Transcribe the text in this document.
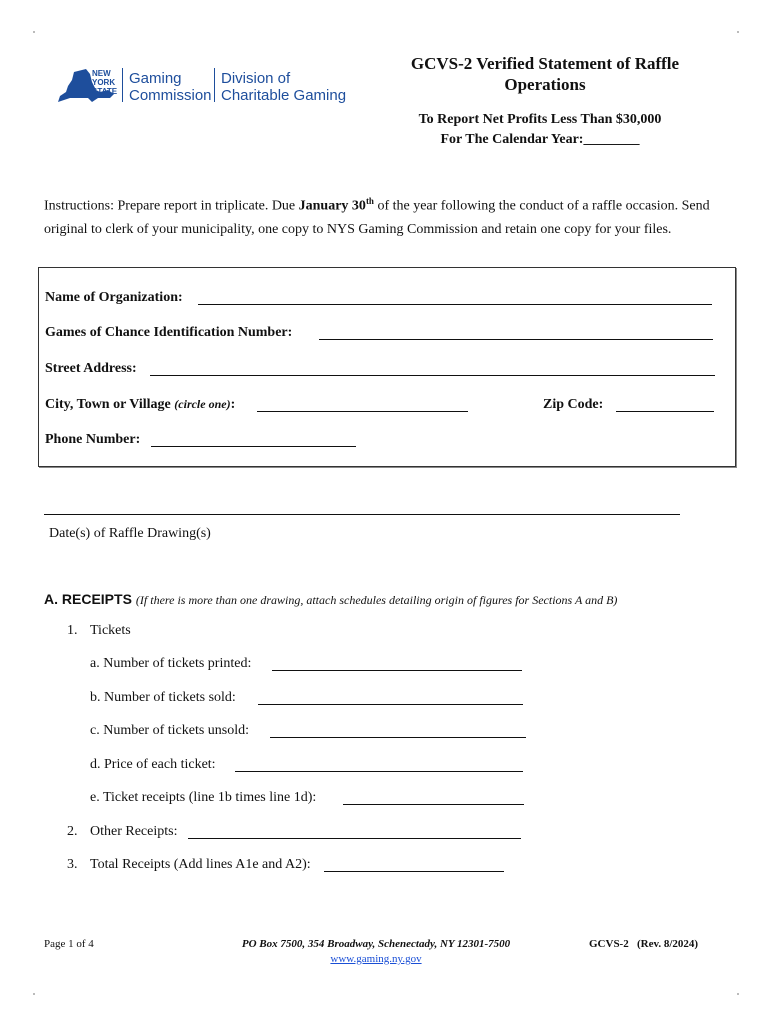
NEW
YORK
STATE
Gaming
Commission
Division of
Charitable Gaming
GCVS-2 Verified Statement of Raffle
Operations
To Report Net Profits Less Than $30,000
For The Calendar Year:________
Instructions: Prepare report in triplicate. Due January 30th of the year following the conduct of a raffle occasion. Send original to clerk of your municipality, one copy to NYS Gaming Commission and retain one copy for your files.
Name of Organization:
Games of Chance Identification Number:
Street Address:
City, Town or Village (circle one):	Zip Code:
Phone Number:
Date(s) of Raffle Drawing(s)
A. RECEIPTS (If there is more than one drawing, attach schedules detailing origin of figures for Sections A and B)
1. Tickets
a. Number of tickets printed:
b. Number of tickets sold:
c. Number of tickets unsold:
d. Price of each ticket:
e. Ticket receipts (line 1b times line 1d):
2. Other Receipts:
3. Total Receipts (Add lines A1e and A2):
Page 1 of 4	PO Box 7500, 354 Broadway, Schenectady, NY 12301-7500
www.gaming.ny.gov
GCVS-2   (Rev. 8/2024)
